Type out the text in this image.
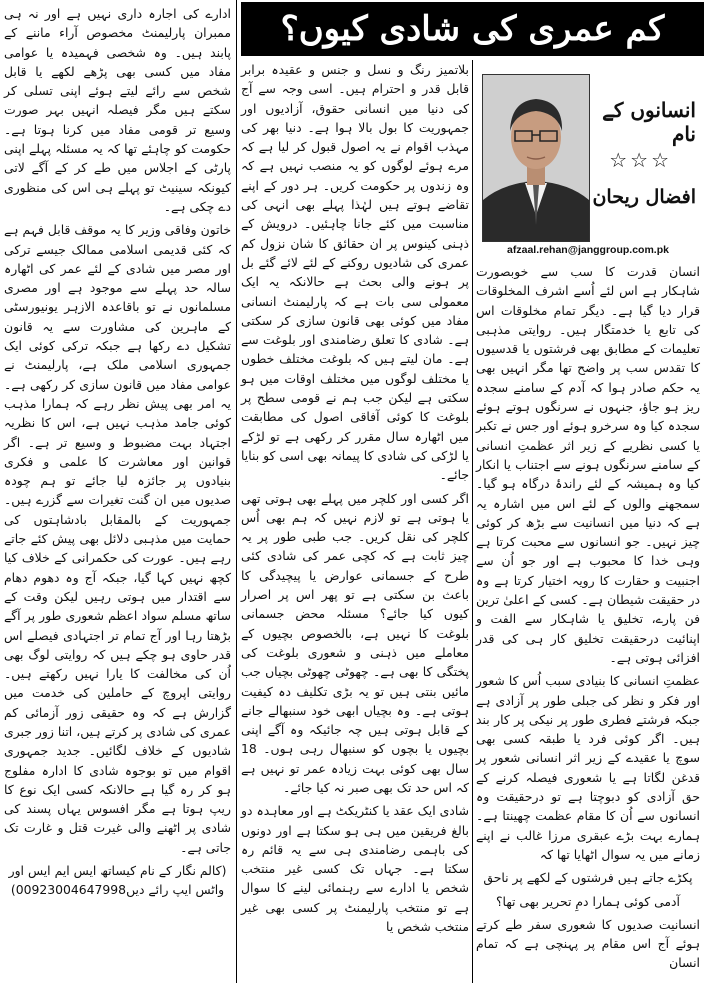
کم عمری کی شادی کیوں؟
انسانوں کے نام
☆☆☆
افضال ریحان
afzaal.rehan@janggroup.com.pk

انسان قدرت کا سب سے خوبصورت شاہکار ہے اس لئے اُسے اشرف المخلوقات قرار دیا گیا ہے۔ دیگر تمام مخلوقات اس کی تابع یا خدمتگار ہیں۔ روایتی مذہبی تعلیمات کے مطابق بھی فرشتوں یا قدسیوں کا تقدس سب پر واضح تھا مگر انہیں بھی یہ حکم صادر ہوا کہ آدم کے سامنے سجدہ ریز ہو جاؤ، جنہوں نے سرنگوں ہوتے ہوئے سجدہ کیا وہ سرخرو ہوئے اور جس نے تکبر یا کسی نظریے کے زیر اثر عظمتِ انسانی کے سامنے سرنگوں ہونے سے اجتناب یا انکار کیا وہ ہمیشہ کے لئے راندۂ درگاہ ہو گیا۔ سمجھنے والوں کے لئے اس میں اشارہ یہ ہے کہ دنیا میں انسانیت سے بڑھ کر کوئی چیز نہیں۔ جو انسانوں سے محبت کرتا ہے وہی خدا کا محبوب ہے اور جو اُن سے اجنبیت و حقارت کا رویہ اختیار کرتا ہے وہ در حقیقت شیطان ہے۔ کسی کے اعلیٰ ترین فن پارے، تخلیق یا شاہکار سے الفت و اپنائیت درحقیقت تخلیق کار ہی کی قدر افزائی ہوتی ہے۔

عظمتِ انسانی کا بنیادی سبب اُس کا شعور اور فکر و نظر کی جبلی طور پر آزادی ہے جبکہ فرشتے فطری طور پر نیکی پر کار بند ہیں۔ اگر کوئی فرد یا طبقہ کسی بھی سوچ یا عقیدے کے زیر اثر انسانی شعور پر قدغن لگاتا ہے یا شعوری فیصلہ کرنے کے حق آزادی کو دبوچتا ہے تو درحقیقت وہ انسانوں سے اُن کا مقام عظمت چھینتا ہے۔ ہمارے بہت بڑے عبقری مرزا غالب نے اپنے زمانے میں یہ سوال اٹھایا تھا کہ

پکڑے جاتے ہیں فرشتوں کے لکھے پر ناحق

آدمی کوئی ہمارا دمِ تحریر بھی تھا؟

انسانیت صدیوں کا شعوری سفر طے کرتے ہوئے آج اس مقام پر پہنچی ہے کہ تمام انسان

بلاتمیز رنگ و نسل و جنس و عقیدہ برابر قابل قدر و احترام ہیں۔ اسی وجہ سے آج کی دنیا میں انسانی حقوق، آزادیوں اور جمہوریت کا بول بالا ہوا ہے۔ دنیا بھر کی مہذب اقوام نے یہ اصول قبول کر لیا ہے کہ مرے ہوئے لوگوں کو یہ منصب نہیں ہے کہ وہ زندوں پر حکومت کریں۔ ہر دور کے اپنے تقاضے ہوتے ہیں لہٰذا پہلے بھی انہی کی مناسبت میں کئے جانا چاہئیں۔ درویش کے ذہنی کینوس پر ان حقائق کا شان نزول کم عمری کی شادیوں روکنے کے لئے لائے گئے بل پر ہونے والی بحث ہے حالانکہ یہ ایک معمولی سی بات ہے کہ پارلیمنٹ انسانی مفاد میں کوئی بھی قانون سازی کر سکتی ہے۔ شادی کا تعلق رضامندی اور بلوغت سے ہے۔ مان لیتے ہیں کہ بلوغت مختلف خطوں یا مختلف لوگوں میں مختلف اوقات میں ہو سکتی ہے لیکن جب ہم نے قومی سطح پر بلوغت کا کوئی آفاقی اصول کی مطابقت میں اٹھارہ سال مقرر کر رکھی ہے تو لڑکے یا لڑکی کی شادی کا پیمانہ بھی اسی کو بنایا جائے۔

اگر کسی اور کلچر میں پہلے بھی ہوتی تھی یا ہوتی ہے تو لازم نہیں کہ ہم بھی اُس کلچر کی نقل کریں۔ جب طبی طور پر یہ چیز ثابت ہے کہ کچی عمر کی شادی کئی طرح کے جسمانی عوارض یا پیچیدگی کا باعث بن سکتی ہے تو پھر اس پر اصرار کیوں کیا جائے؟ مسئلہ محض جسمانی بلوغت کا نہیں ہے، بالخصوص بچیوں کے معاملے میں ذہنی و شعوری بلوغت کی پختگی کا بھی ہے۔ چھوٹی چھوٹی بچیاں جب مائیں بنتی ہیں تو یہ بڑی تکلیف دہ کیفیت ہوتی ہے۔ وہ بچیاں ابھی خود سنبھالے جانے کے قابل ہوتی ہیں چہ جائیکہ وہ آگے اپنی بچیوں یا بچوں کو سنبھال رہی ہوں۔ 18 سال بھی کوئی بہت زیادہ عمر تو نہیں ہے کہ اس حد تک بھی صبر نہ کیا جائے۔

شادی ایک عقد یا کنٹریکٹ ہے اور معاہدہ دو بالغ فریقین میں ہی ہو سکتا ہے اور دونوں کی باہمی رضامندی ہی سے یہ قائم رہ سکتا ہے۔ جہاں تک کسی غیر منتخب شخص یا ادارے سے رہنمائی لینے کا سوال ہے تو منتخب پارلیمنٹ پر کسی بھی غیر منتخب شخص یا

ادارے کی اجارہ داری نہیں ہے اور نہ ہی ممبران پارلیمنٹ مخصوص آراء ماننے کے پابند ہیں۔ وہ شخصی فہمیدہ یا عوامی مفاد میں کسی بھی پڑھے لکھے یا قابل شخص سے رائے لیتے ہوئے اپنی تسلی کر سکتے ہیں مگر فیصلہ انہیں بہر صورت وسیع تر قومی مفاد میں کرنا ہوتا ہے۔ حکومت کو چاہئے تھا کہ یہ مسئلہ پہلے اپنی پارٹی کے اجلاس میں طے کر کے آگے لاتی کیونکہ سینیٹ تو پہلے ہی اس کی منظوری دے چکی ہے۔

خاتون وفاقی وزیر کا یہ موقف قابل فہم ہے کہ کئی قدیمی اسلامی ممالک جیسے ترکی اور مصر میں شادی کے لئے عمر کی اٹھارہ سالہ حد پہلے سے موجود ہے اور مصری مسلمانوں نے تو باقاعدہ الازہر یونیورسٹی کے ماہرین کی مشاورت سے یہ قانون تشکیل دے رکھا ہے جبکہ ترکی کوئی ایک جمہوری اسلامی ملک ہے، پارلیمنٹ نے عوامی مفاد میں قانون سازی کر رکھی ہے۔ یہ امر بھی پیش نظر رہے کہ ہمارا مذہب کوئی جامد مذہب نہیں ہے، اس کا نظریہ اجتہاد بہت مضبوط و وسیع تر ہے۔ اگر قوانین اور معاشرت کا علمی و فکری بنیادوں پر جائزہ لیا جائے تو ہم چودہ صدیوں میں ان گنت تغیرات سے گزرے ہیں۔ جمہوریت کے بالمقابل بادشاہتوں کی حمایت میں مذہبی دلائل بھی پیش کئے جاتے رہے ہیں۔ عورت کی حکمرانی کے خلاف کیا کچھ نہیں کہا گیا، جبکہ آج وہ دھوم دھام سے اقتدار میں ہوتی رہیں لیکن وقت کے ساتھ مسلم سواد اعظم شعوری طور پر آگے بڑھتا رہا اور آج تمام تر اجتہادی فیصلے اس قدر حاوی ہو چکے ہیں کہ روایتی لوگ بھی اُن کی مخالفت کا یارا نہیں رکھتے ہیں۔ روایتی اپروچ کے حاملین کی خدمت میں گزارش ہے کہ وہ حقیقی زور آزمائی کم عمری کی شادی پر کرتے ہیں، اتنا زور جبری شادیوں کے خلاف لگائیں۔ جدید جمہوری اقوام میں تو بوجوہ شادی کا ادارہ مفلوج ہو کر رہ گیا ہے حالانکہ کسی ایک نوع کا ریپ ہوتا ہے مگر افسوس یہاں پسند کی شادی پر اٹھنے والی غیرت قتل و غارت تک جاتی ہے۔

(کالم نگار کے نام کیساتھ ایس ایم ایس اور واٹس ایپ رائے دیں00923004647998)
